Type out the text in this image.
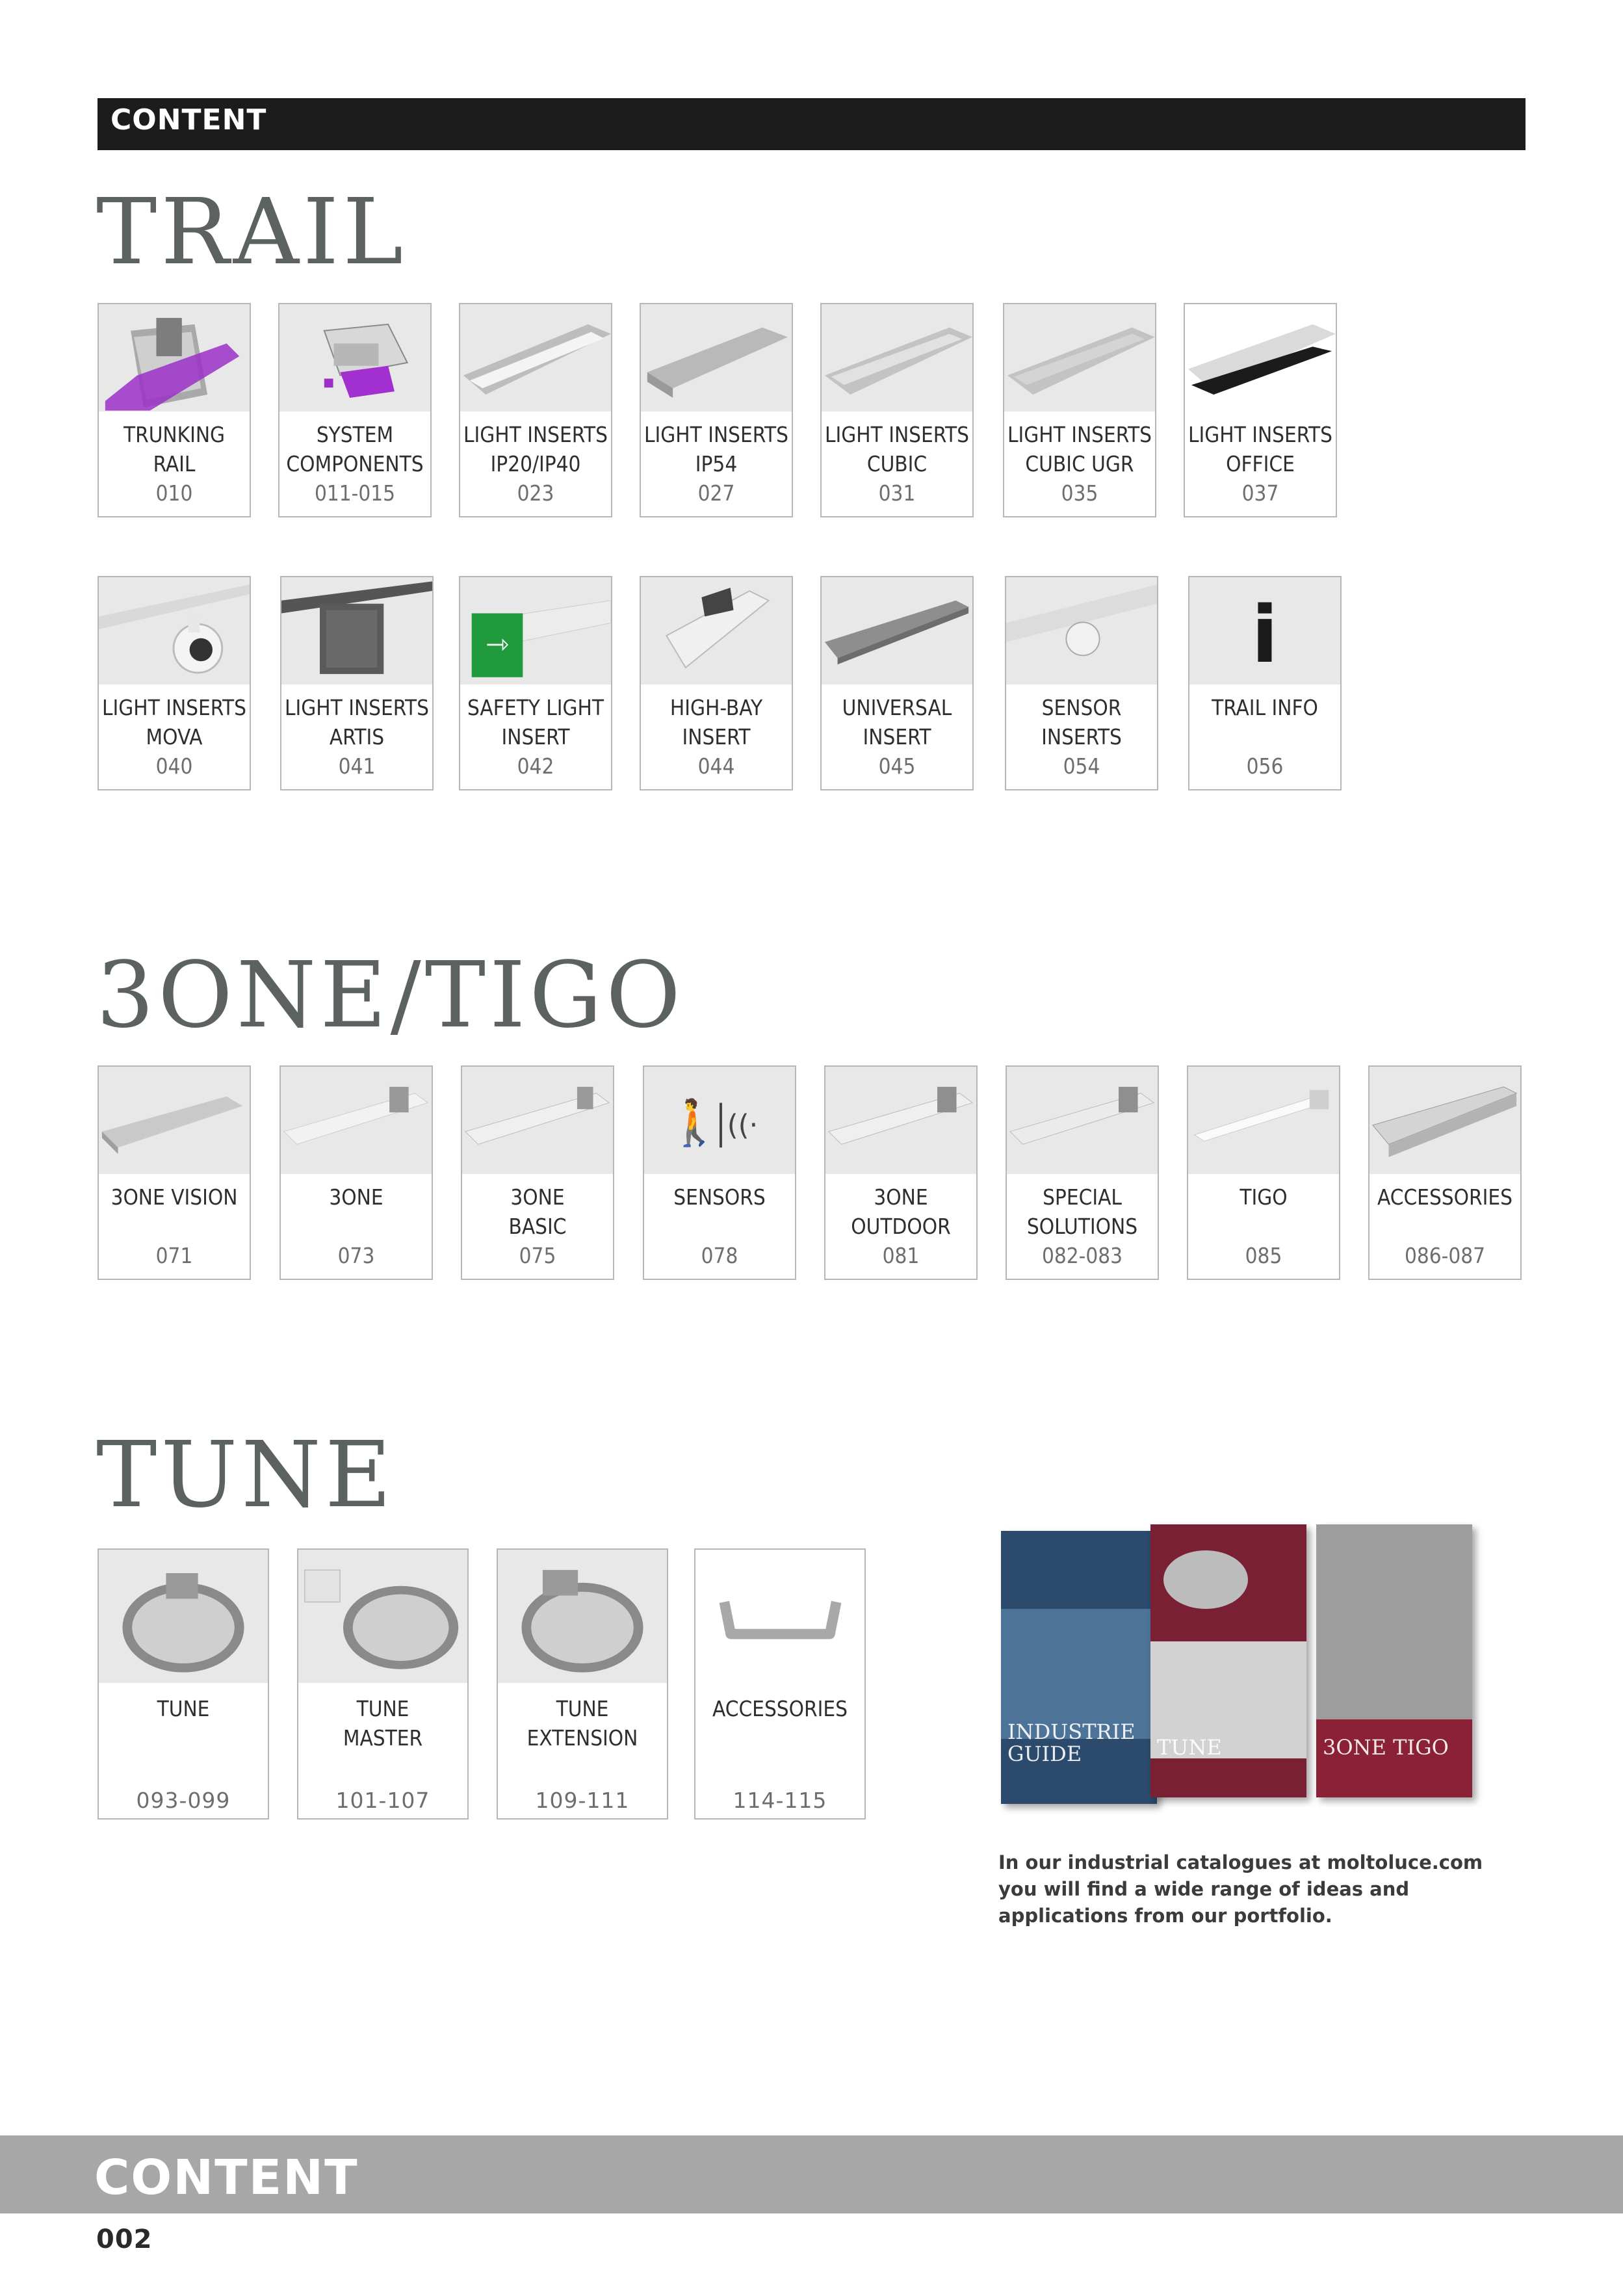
CONTENT
TRAIL
TRUNKING
RAIL
010
SYSTEM
COMPONENTS
011-015
LIGHT INSERTS
IP20/IP40
023
LIGHT INSERTS
IP54
027
LIGHT INSERTS
CUBIC
031
LIGHT INSERTS
CUBIC UGR
035
LIGHT INSERTS
OFFICE
037
LIGHT INSERTS
MOVA
040
LIGHT INSERTS
ARTIS
041
⇾
SAFETY LIGHT
INSERT
042
HIGH-BAY
INSERT
044
UNIVERSAL
INSERT
045
SENSOR
INSERTS
054
i
TRAIL INFO

056
3ONE/TIGO
3ONE VISION

071
3ONE

073
3ONE
BASIC
075
🚶 ((·
SENSORS

078
3ONE
OUTDOOR
081
SPECIAL
SOLUTIONS
082-083
TIGO

085
ACCESSORIES

086-087
TUNE
TUNE

093-099
TUNE
MASTER
101-107
TUNE
EXTENSION
109-111
ACCESSORIES

114-115
INDUSTRIE GUIDE	TUNE	3ONE TIGO
In our industrial catalogues at moltoluce.com you will find a wide range of ideas and applications from our portfolio.
CONTENT
002
